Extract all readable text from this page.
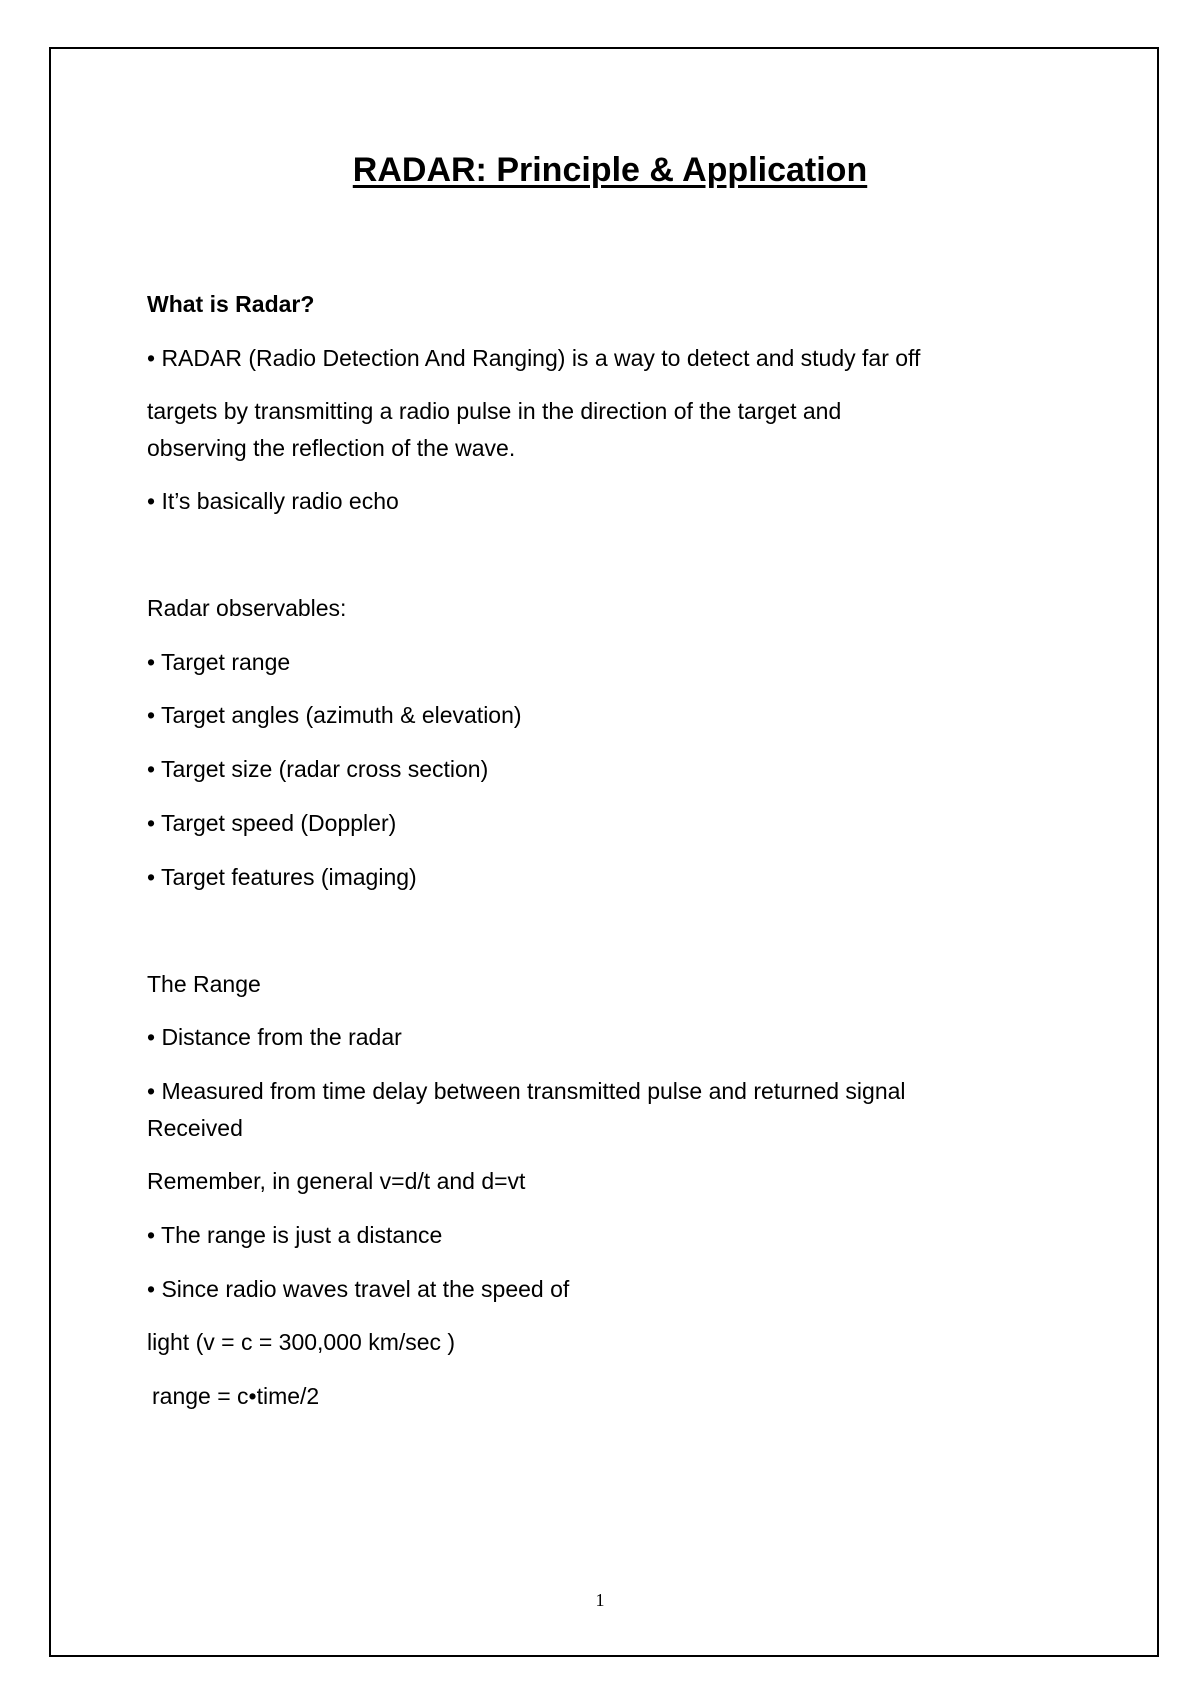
RADAR: Principle & Application
What is Radar?
• RADAR (Radio Detection And Ranging) is a way to detect and study far off
targets by transmitting a radio pulse in the direction of the target and
observing the reflection of the wave.
• It’s basically radio echo
Radar observables:
• Target range
• Target angles (azimuth & elevation)
• Target size (radar cross section)
• Target speed (Doppler)
• Target features (imaging)
The Range
• Distance from the radar
• Measured from time delay between transmitted pulse and returned signal
Received
Remember, in general v=d/t and d=vt
• The range is just a distance
• Since radio waves travel at the speed of
light (v = c = 300,000 km/sec )
range = c•time/2
1
